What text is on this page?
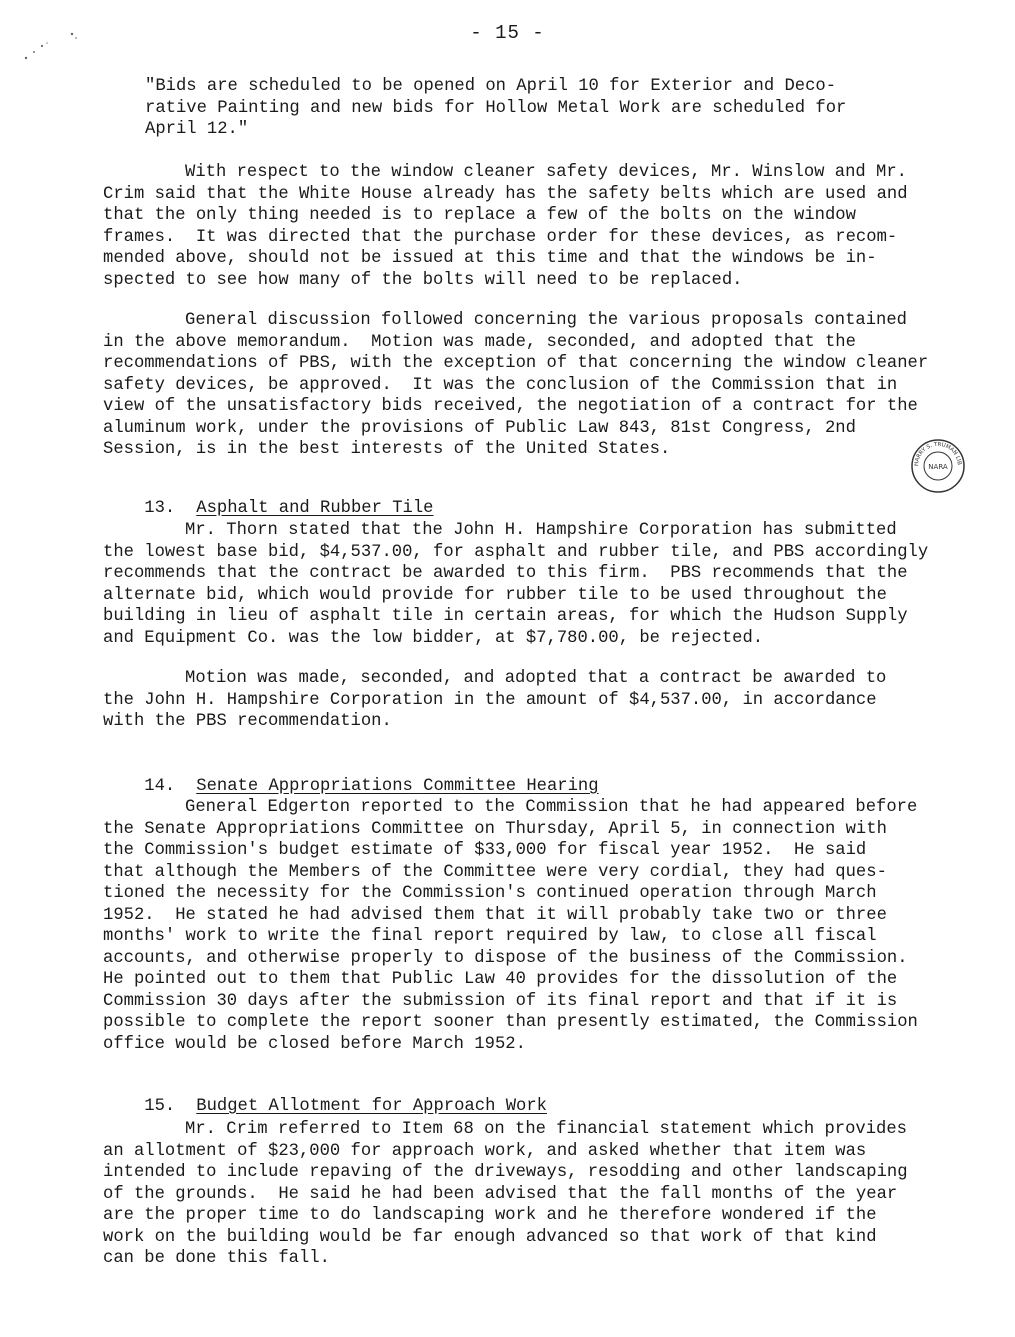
- 15 -
"Bids are scheduled to be opened on April 10 for Exterior and Deco-
rative Painting and new bids for Hollow Metal Work are scheduled for
April 12."
With respect to the window cleaner safety devices, Mr. Winslow and Mr.
Crim said that the White House already has the safety belts which are used and
that the only thing needed is to replace a few of the bolts on the window
frames.  It was directed that the purchase order for these devices, as recom-
mended above, should not be issued at this time and that the windows be in-
spected to see how many of the bolts will need to be replaced.
General discussion followed concerning the various proposals contained
in the above memorandum.  Motion was made, seconded, and adopted that the
recommendations of PBS, with the exception of that concerning the window cleaner
safety devices, be approved.  It was the conclusion of the Commission that in
view of the unsatisfactory bids received, the negotiation of a contract for the
aluminum work, under the provisions of Public Law 843, 81st Congress, 2nd
Session, is in the best interests of the United States.

13. Asphalt and Rubber Tile

NARA
HARRY S. TRUMAN LIB
Mr. Thorn stated that the John H. Hampshire Corporation has submitted
the lowest base bid, $4,537.00, for asphalt and rubber tile, and PBS accordingly
recommends that the contract be awarded to this firm.  PBS recommends that the
alternate bid, which would provide for rubber tile to be used throughout the
building in lieu of asphalt tile in certain areas, for which the Hudson Supply
and Equipment Co. was the low bidder, at $7,780.00, be rejected.
Motion was made, seconded, and adopted that a contract be awarded to
the John H. Hampshire Corporation in the amount of $4,537.00, in accordance
with the PBS recommendation.

14. Senate Appropriations Committee Hearing

General Edgerton reported to the Commission that he had appeared before
the Senate Appropriations Committee on Thursday, April 5, in connection with
the Commission's budget estimate of $33,000 for fiscal year 1952.  He said
that although the Members of the Committee were very cordial, they had ques-
tioned the necessity for the Commission's continued operation through March
1952.  He stated he had advised them that it will probably take two or three
months' work to write the final report required by law, to close all fiscal
accounts, and otherwise properly to dispose of the business of the Commission.
He pointed out to them that Public Law 40 provides for the dissolution of the
Commission 30 days after the submission of its final report and that if it is
possible to complete the report sooner than presently estimated, the Commission
office would be closed before March 1952.

15. Budget Allotment for Approach Work

Mr. Crim referred to Item 68 on the financial statement which provides
an allotment of $23,000 for approach work, and asked whether that item was
intended to include repaving of the driveways, resodding and other landscaping
of the grounds.  He said he had been advised that the fall months of the year
are the proper time to do landscaping work and he therefore wondered if the
work on the building would be far enough advanced so that work of that kind
can be done this fall.
